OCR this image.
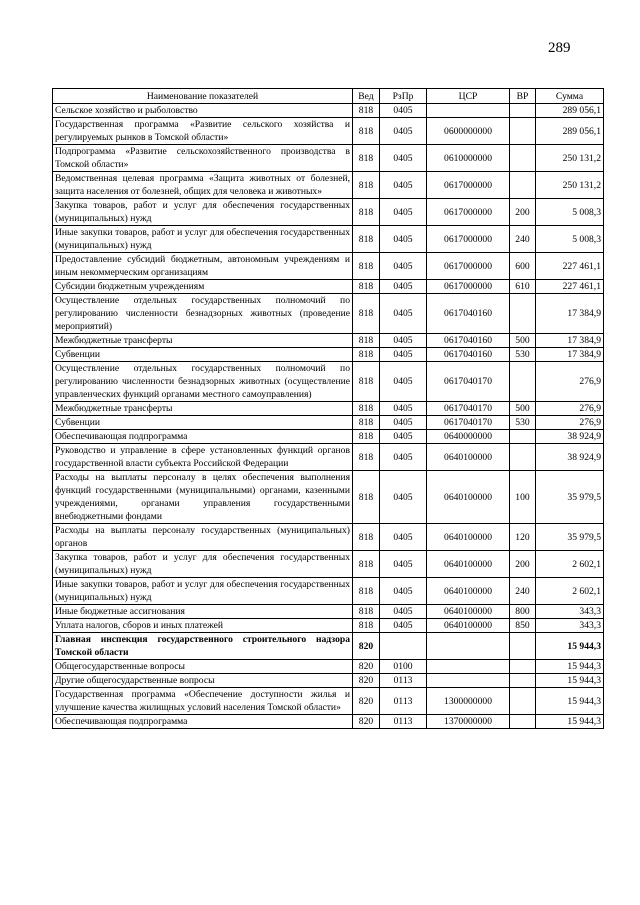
289
Наименование показателей	Вед	РзПр	ЦСР	ВР	Сумма
Сельское хозяйство и рыболовство	818	0405			289 056,1
Государственная программа «Развитие сельского хозяйства и регулируемых рынков в Томской области»	818	0405	0600000000		289 056,1
Подпрограмма «Развитие сельскохозяйственного производства в Томской области»	818	0405	0610000000		250 131,2
Ведомственная целевая программа «Защита животных от болезней, защита населения от болезней, общих для человека и животных»	818	0405	0617000000		250 131,2
Закупка товаров, работ и услуг для обеспечения государственных (муниципальных) нужд	818	0405	0617000000	200	5 008,3
Иные закупки товаров, работ и услуг для обеспечения государственных (муниципальных) нужд	818	0405	0617000000	240	5 008,3
Предоставление субсидий бюджетным, автономным учреждениям и иным некоммерческим организациям	818	0405	0617000000	600	227 461,1
Субсидии бюджетным учреждениям	818	0405	0617000000	610	227 461,1
Осуществление отдельных государственных полномочий по регулированию численности безнадзорных животных (проведение мероприятий)	818	0405	0617040160		17 384,9
Межбюджетные трансферты	818	0405	0617040160	500	17 384,9
Субвенции	818	0405	0617040160	530	17 384,9
Осуществление отдельных государственных полномочий по регулированию численности безнадзорных животных (осуществление управленческих функций органами местного самоуправления)	818	0405	0617040170		276,9
Межбюджетные трансферты	818	0405	0617040170	500	276,9
Субвенции	818	0405	0617040170	530	276,9
Обеспечивающая подпрограмма	818	0405	0640000000		38 924,9
Руководство и управление в сфере установленных функций органов государственной власти субъекта Российской Федерации	818	0405	0640100000		38 924,9
Расходы на выплаты персоналу в целях обеспечения выполнения функций государственными (муниципальными) органами, казенными учреждениями, органами управления государственными внебюджетными фондами	818	0405	0640100000	100	35 979,5
Расходы на выплаты персоналу государственных (муниципальных) органов	818	0405	0640100000	120	35 979,5
Закупка товаров, работ и услуг для обеспечения государственных (муниципальных) нужд	818	0405	0640100000	200	2 602,1
Иные закупки товаров, работ и услуг для обеспечения государственных (муниципальных) нужд	818	0405	0640100000	240	2 602,1
Иные бюджетные ассигнования	818	0405	0640100000	800	343,3
Уплата налогов, сборов и иных платежей	818	0405	0640100000	850	343,3
Главная инспекция государственного строительного надзора Томской области	820				15 944,3
Общегосударственные вопросы	820	0100			15 944,3
Другие общегосударственные вопросы	820	0113			15 944,3
Государственная программа «Обеспечение доступности жилья и улучшение качества жилищных условий населения Томской области»	820	0113	1300000000		15 944,3
Обеспечивающая подпрограмма	820	0113	1370000000		15 944,3
